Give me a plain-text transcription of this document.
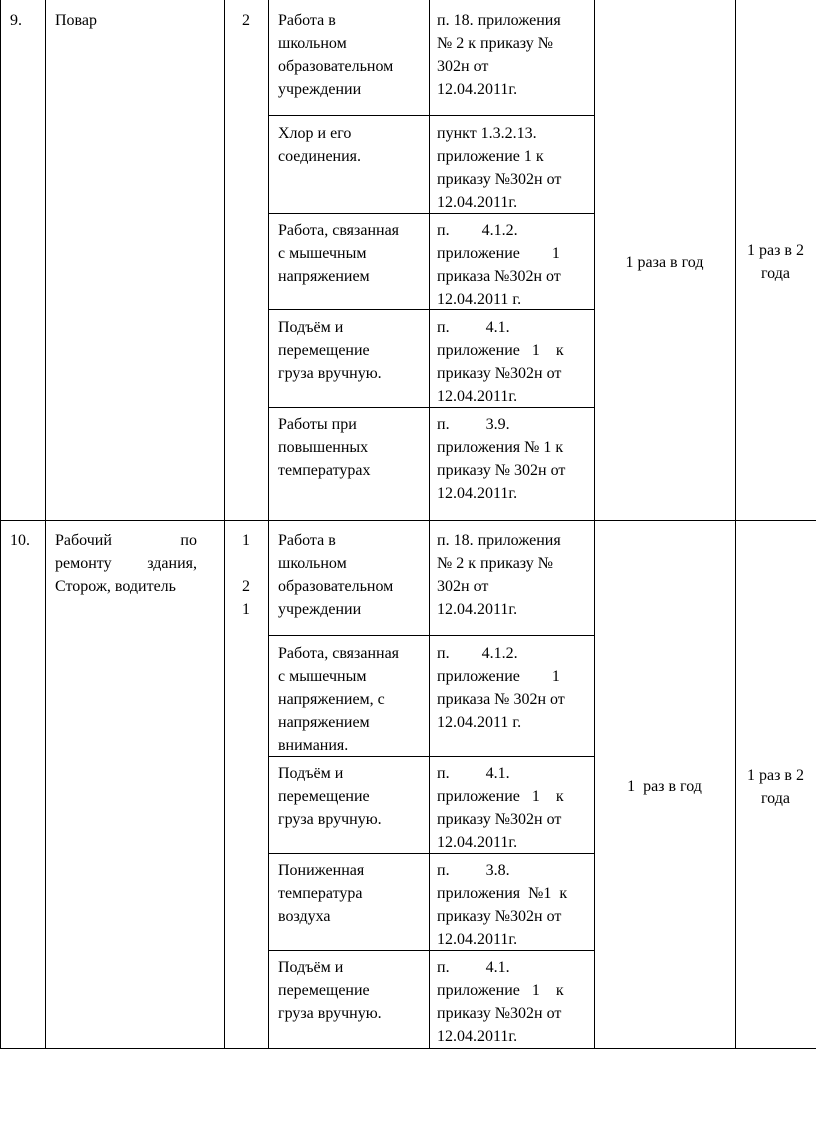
9. Повар	2	Работа в

школьном

образовательном

учреждении

п. 18. приложения

№ 2 к приказу №

302н от

12.04.2011г.

Хлор и его

соединения.

пункт 1.3.2.13.

приложение 1 к

приказу №302н от

12.04.2011г.

Работа, связанная

с мышечным

напряжением

п.        4.1.2.

приложение        1

приказа №302н от

12.04.2011 г.

Подъём и

перемещение

груза вручную.

п.         4.1.

приложение   1    к

приказу №302н от

12.04.2011г.

Работы при

повышенных

температурах

п.         3.9.

приложения № 1 к

приказу № 302н от

12.04.2011г.

1 раза в год

1 раз в 2

года

10. Рабочий по

ремонту здания,

Сторож, водитель

1

2

1

Работа в

школьном

образовательном

учреждении

п. 18. приложения

№ 2 к приказу №

302н от

12.04.2011г.

Работа, связанная

с мышечным

напряжением, с

напряжением

внимания.

п.        4.1.2.

приложение        1

приказа № 302н от

12.04.2011 г.

Подъём и

перемещение

груза вручную.

п.         4.1.

приложение   1    к

приказу №302н от

12.04.2011г.

Пониженная

температура

воздуха

п.         3.8.

приложения  №1  к

приказу №302н от

12.04.2011г.

Подъём и

перемещение

груза вручную.

п.         4.1.

приложение   1    к

приказу №302н от

12.04.2011г.

1  раз в год

1 раз в 2

года
